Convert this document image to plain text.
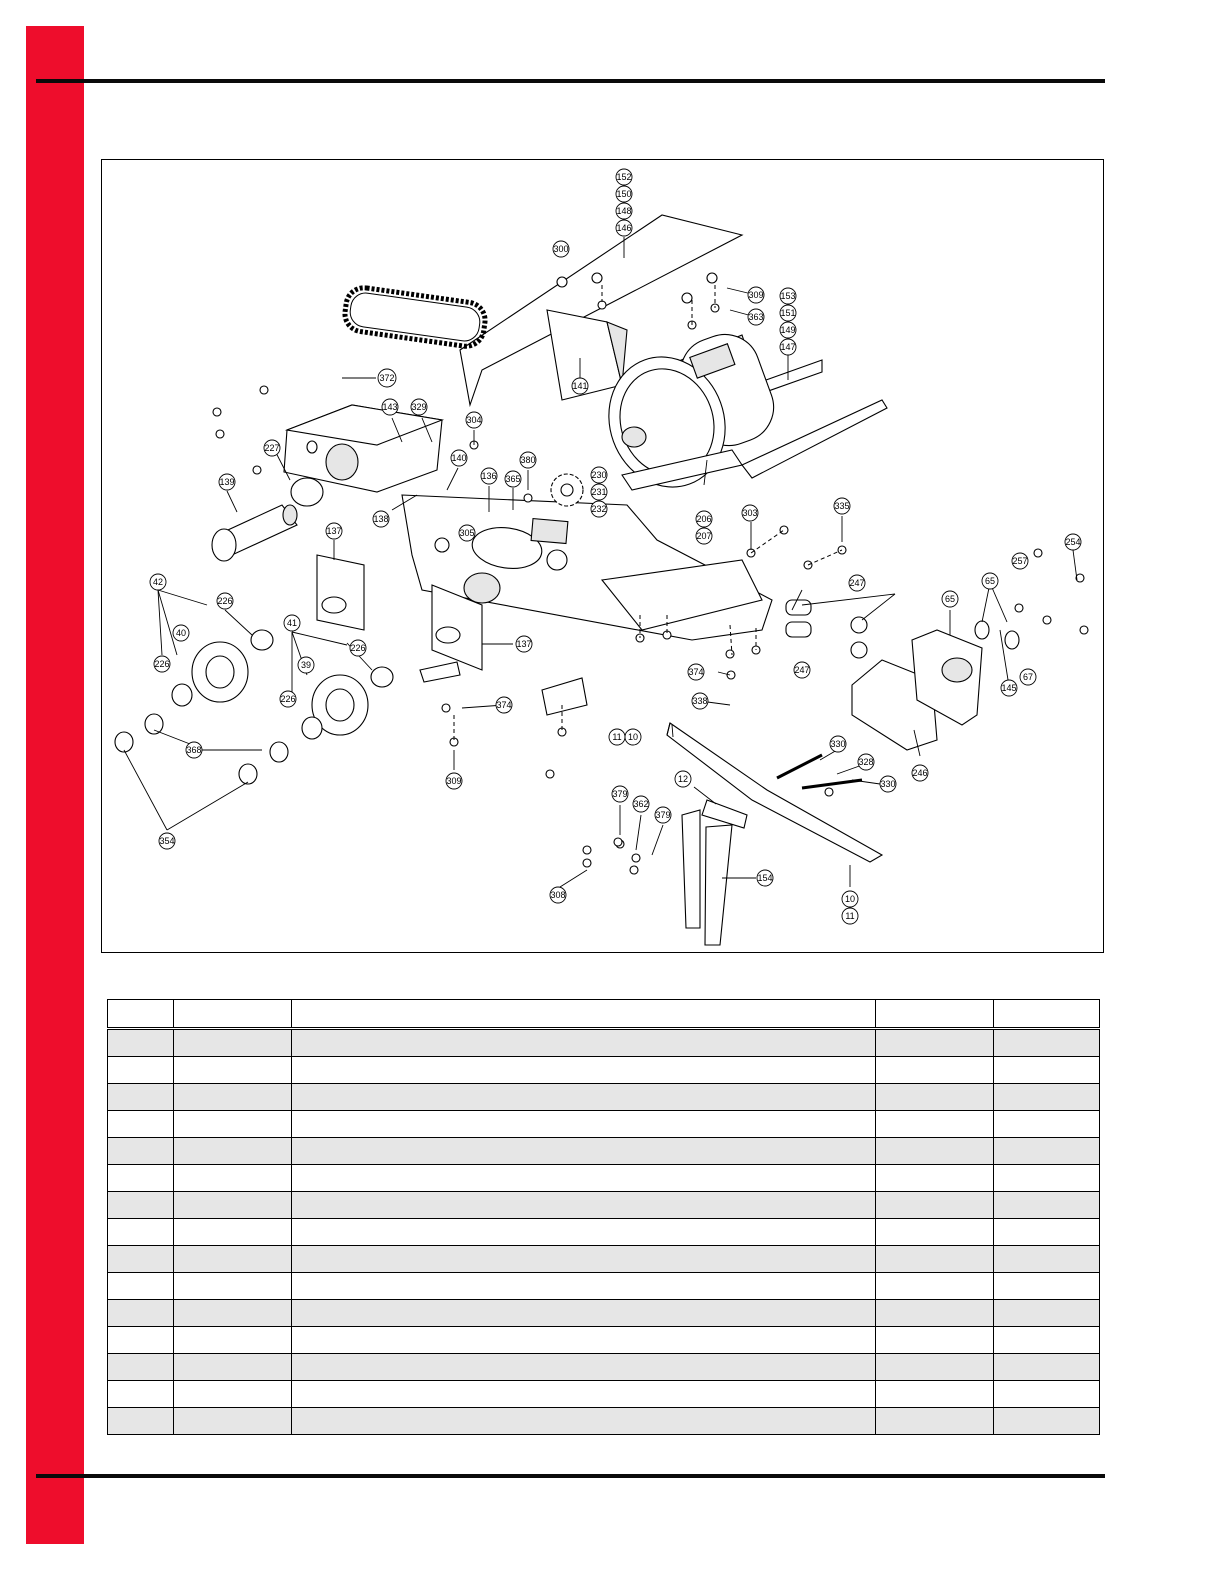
152
150
148
146
300
309
363
153
151
149
147
141
372
143 329
304
380
365
136
140
227
139
138
305
230
231
232
206
207
303
335
254
257
137
137
42
226
40
226
41
226
39
226
247
247
65
65
374
374	338
145
67
11 10
12
246
368
354
330
328
330
379
362
379
154
308
309
10
11
